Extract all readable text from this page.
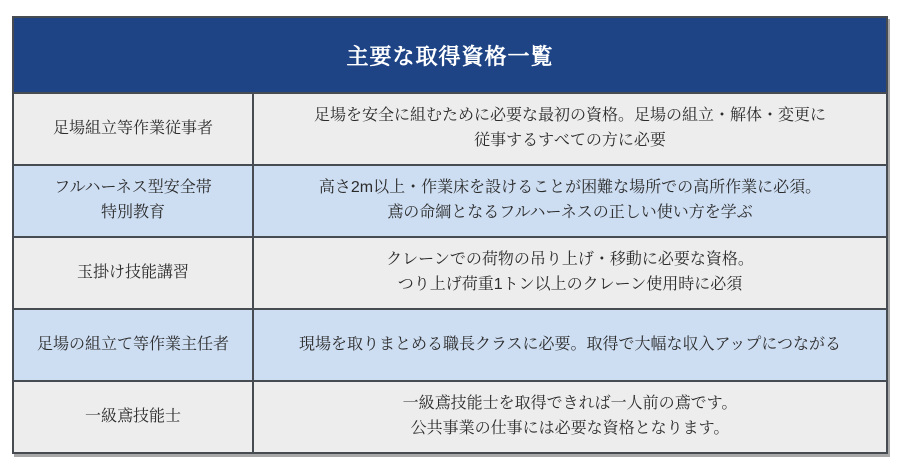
主要な取得資格一覧
足場組立等作業従事者
足場を安全に組むために必要な最初の資格。足場の組立・解体・変更に
従事するすべての方に必要
フルハーネス型安全帯
特別教育
高さ2m以上・作業床を設けることが困難な場所での高所作業に必須。
鳶の命綱となるフルハーネスの正しい使い方を学ぶ
玉掛け技能講習
クレーンでの荷物の吊り上げ・移動に必要な資格。
つり上げ荷重1トン以上のクレーン使用時に必須
足場の組立て等作業主任者	現場を取りまとめる職長クラスに必要。取得で大幅な収入アップにつながる
一級鳶技能士
一級鳶技能士を取得できれば一人前の鳶です。
公共事業の仕事には必要な資格となります。
